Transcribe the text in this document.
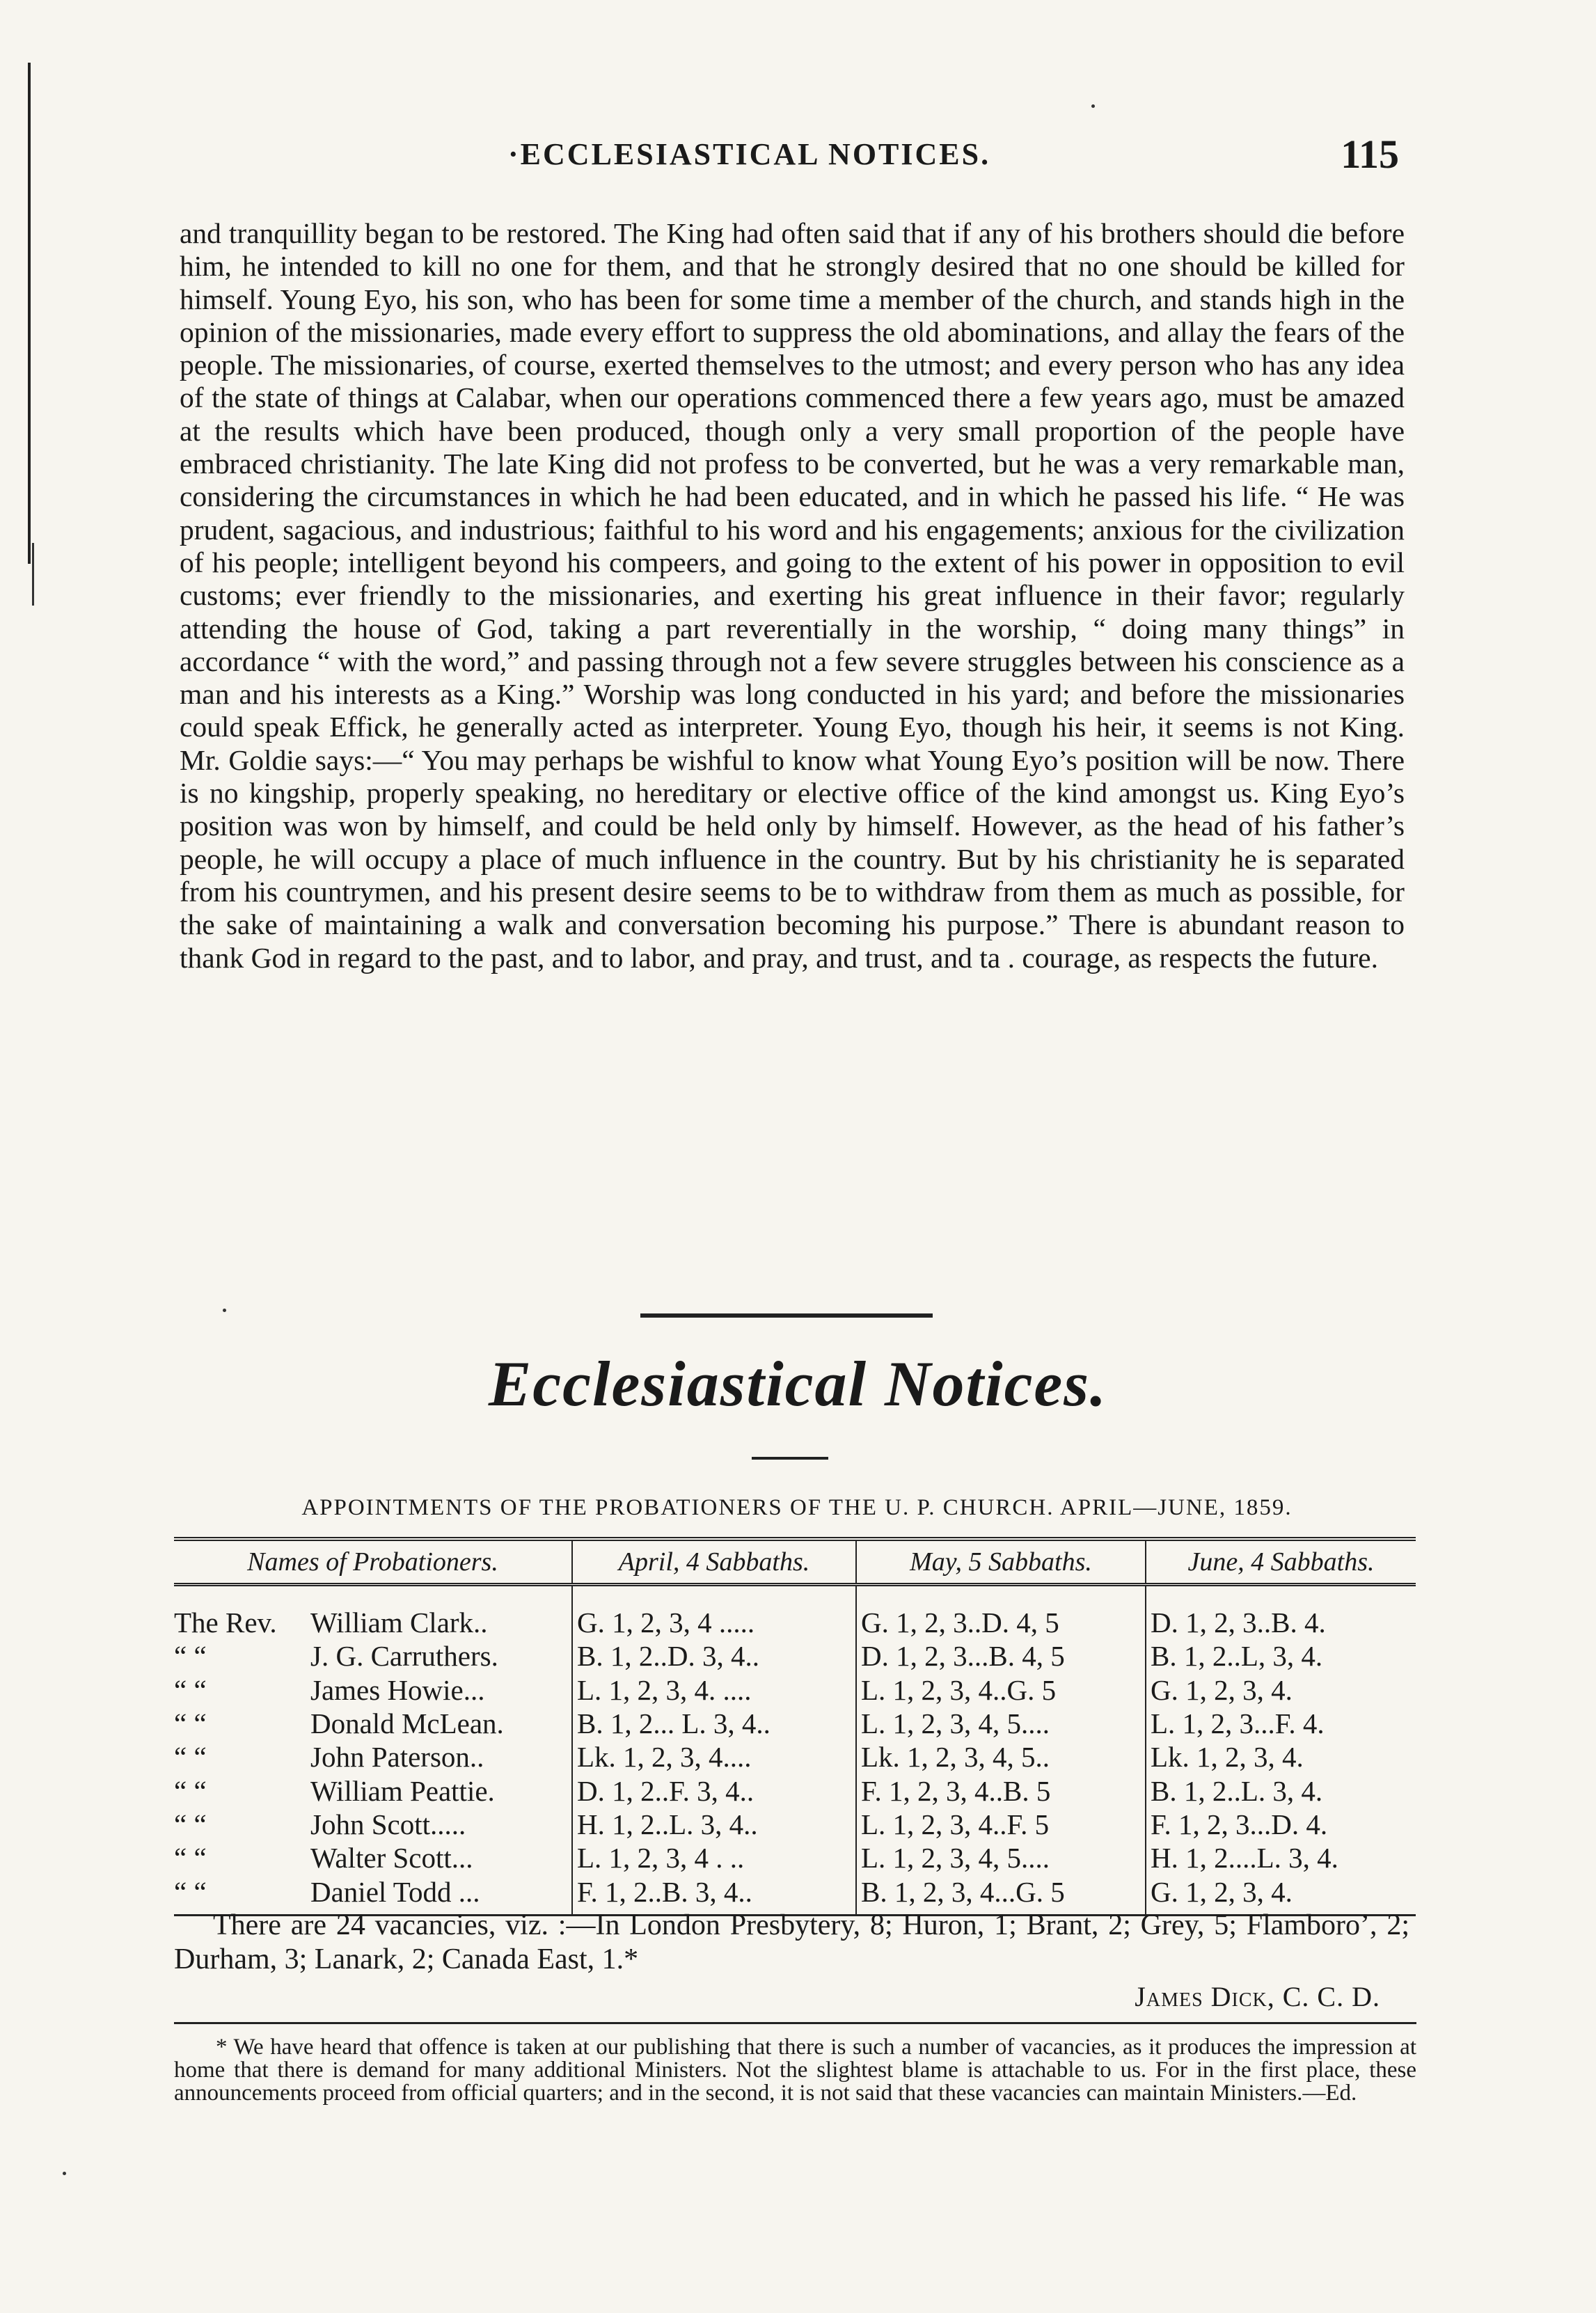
·ECCLESIASTICAL NOTICES.	115

and tranquillity began to be restored. The King had often said that if any of his brothers should die before him, he intended to kill no one for them, and that he strongly desired that no one should be killed for himself. Young Eyo, his son, who has been for some time a member of the church, and stands high in the opinion of the missionaries, made every effort to suppress the old abominations, and allay the fears of the people. The missionaries, of course, exerted themselves to the utmost; and every person who has any idea of the state of things at Calabar, when our operations commenced there a few years ago, must be amazed at the results which have been produced, though only a very small proportion of the people have embraced christianity. The late King did not profess to be converted, but he was a very remarkable man, considering the circumstances in which he had been educated, and in which he passed his life. “ He was prudent, sagacious, and industrious; faithful to his word and his engagements; anxious for the civilization of his people; intelligent beyond his compeers, and going to the extent of his power in opposition to evil customs; ever friendly to the missionaries, and exerting his great influence in their favor; regularly attending the house of God, taking a part reverentially in the worship, “ doing many things” in accordance “ with the word,” and passing through not a few severe struggles between his conscience as a man and his interests as a King.” Worship was long conducted in his yard; and before the missionaries could speak Effick, he generally acted as interpreter. Young Eyo, though his heir, it seems is not King. Mr. Goldie says:—“ You may perhaps be wishful to know what Young Eyo’s position will be now. There is no kingship, properly speaking, no hereditary or elective office of the kind amongst us. King Eyo’s position was won by himself, and could be held only by himself. However, as the head of his father’s people, he will occupy a place of much influence in the country. But by his christianity he is separated from his countrymen, and his present desire seems to be to withdraw from them as much as possible, for the sake of maintaining a walk and conversation becoming his purpose.” There is abundant reason to thank God in regard to the past, and to labor, and pray, and trust, and ta . courage, as respects the future.

Ecclesiastical Notices.
APPOINTMENTS OF THE PROBATIONERS OF THE U. P. CHURCH. APRIL—JUNE, 1859.
Names of Probationers.	April, 4 Sabbaths.	May, 5 Sabbaths.	June, 4 Sabbaths.

The Rev. William Clark..	G. 1, 2, 3, 4 .....	G. 1, 2, 3..D. 4, 5	D. 1, 2, 3..B. 4.

“ “ J. G. Carruthers.	B. 1, 2..D. 3, 4..	D. 1, 2, 3...B. 4, 5	B. 1, 2..L, 3, 4.

“ “ James Howie...	L. 1, 2, 3, 4. ....	L. 1, 2, 3, 4..G. 5	G. 1, 2, 3, 4.

“ “ Donald McLean.	B. 1, 2... L. 3, 4..	L. 1, 2, 3, 4, 5....	L. 1, 2, 3...F. 4.

“ “ John Paterson..	Lk. 1, 2, 3, 4....	Lk. 1, 2, 3, 4, 5..	Lk. 1, 2, 3, 4.

“ “ William Peattie.	D. 1, 2..F. 3, 4..	F. 1, 2, 3, 4..B. 5	B. 1, 2..L. 3, 4.

“ “ John Scott.....	H. 1, 2..L. 3, 4..	L. 1, 2, 3, 4..F. 5	F. 1, 2, 3...D. 4.

“ “ Walter Scott...	L. 1, 2, 3, 4 . ..	L. 1, 2, 3, 4, 5....	H. 1, 2....L. 3, 4.

“ “ Daniel Todd ...	F. 1, 2..B. 3, 4..	B. 1, 2, 3, 4...G. 5	G. 1, 2, 3, 4.

There are 24 vacancies, viz. :—In London Presbytery, 8; Huron, 1; Brant, 2; Grey, 5; Flamboro’, 2; Durham, 3; Lanark, 2; Canada East, 1.*

James Dick, C. C. D.

* We have heard that offence is taken at our publishing that there is such a number of vacancies, as it produces the impression at home that there is demand for many additional Ministers. Not the slightest blame is attachable to us. For in the first place, these announcements proceed from official quarters; and in the second, it is not said that these vacancies can maintain Ministers.—Ed.
